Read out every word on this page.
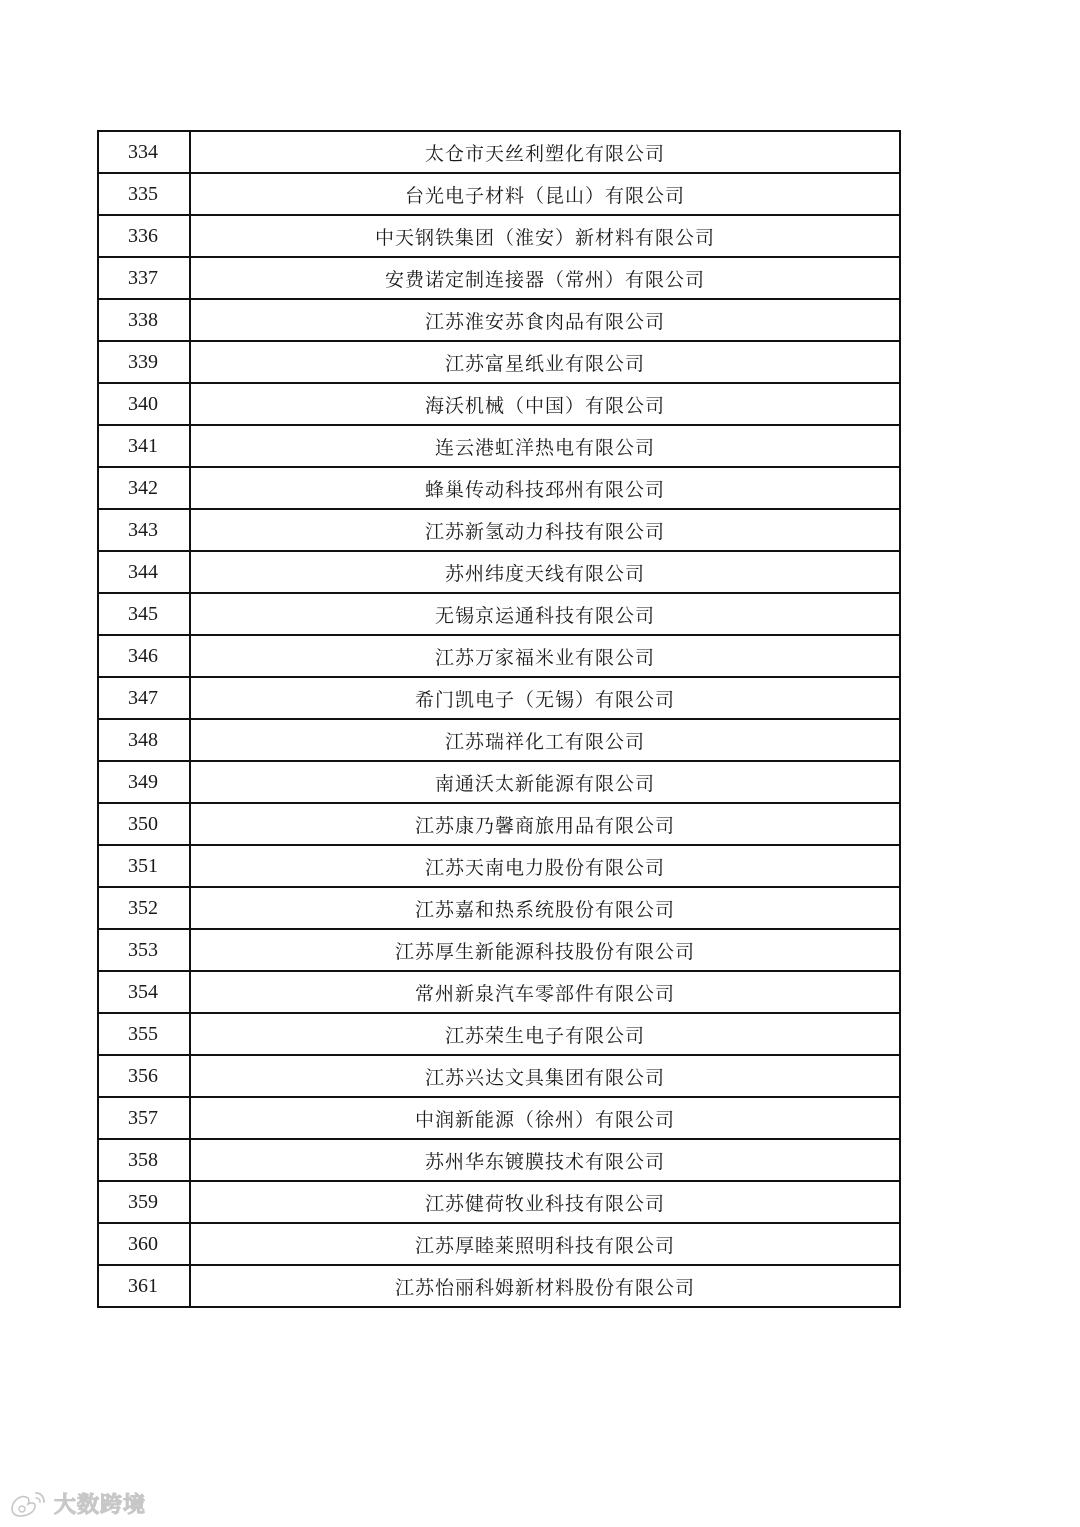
334	太仓市天丝利塑化有限公司
335	台光电子材料（昆山）有限公司
336	中天钢铁集团（淮安）新材料有限公司
337	安费诺定制连接器（常州）有限公司
338	江苏淮安苏食肉品有限公司
339	江苏富星纸业有限公司
340	海沃机械（中国）有限公司
341	连云港虹洋热电有限公司
342	蜂巢传动科技邳州有限公司
343	江苏新氢动力科技有限公司
344	苏州纬度天线有限公司
345	无锡京运通科技有限公司
346	江苏万家福米业有限公司
347	希门凯电子（无锡）有限公司
348	江苏瑞祥化工有限公司
349	南通沃太新能源有限公司
350	江苏康乃馨商旅用品有限公司
351	江苏天南电力股份有限公司
352	江苏嘉和热系统股份有限公司
353	江苏厚生新能源科技股份有限公司
354	常州新泉汽车零部件有限公司
355	江苏荣生电子有限公司
356	江苏兴达文具集团有限公司
357	中润新能源（徐州）有限公司
358	苏州华东镀膜技术有限公司
359	江苏健荷牧业科技有限公司
360	江苏厚睦莱照明科技有限公司
361	江苏怡丽科姆新材料股份有限公司
大数跨境
